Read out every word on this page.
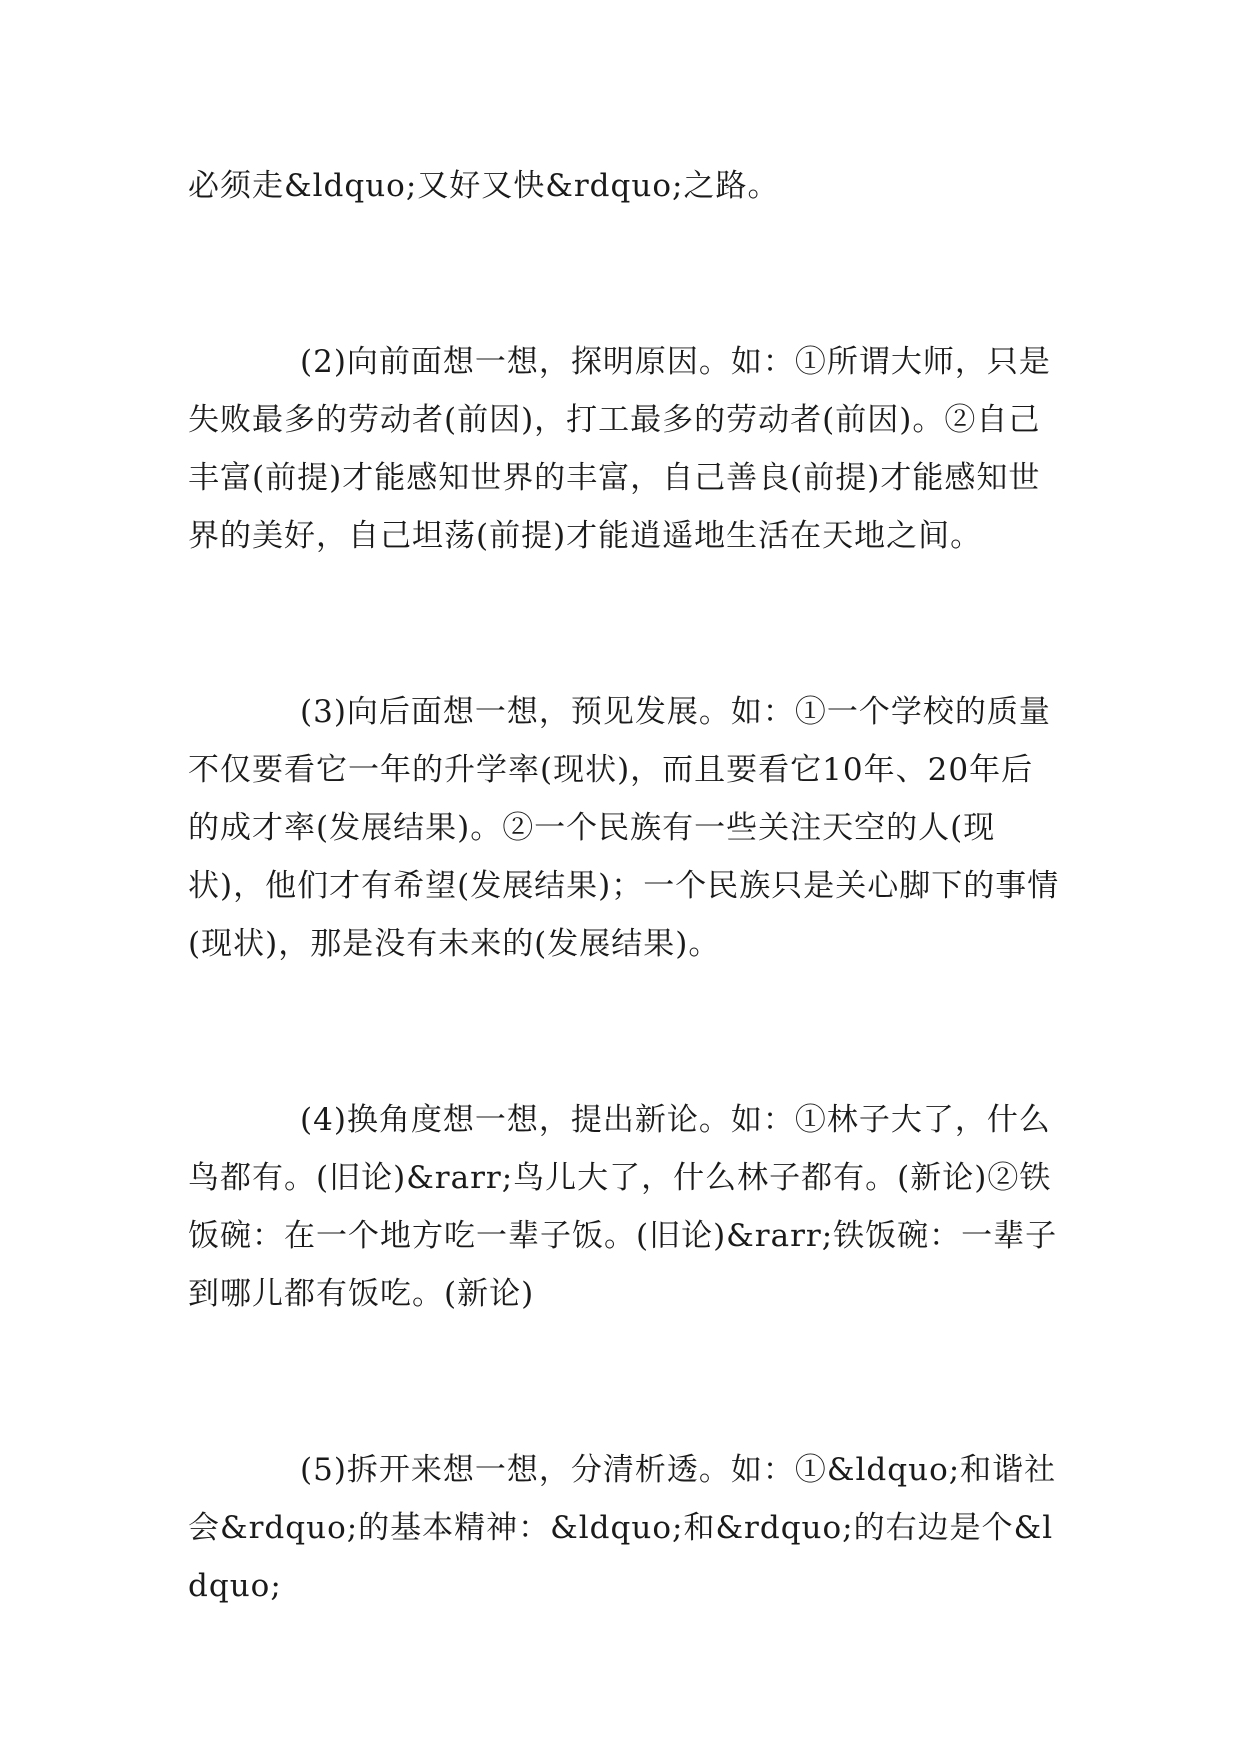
必须走&ldquo;又好又快&rdquo;之路。

(2)向前面想一想，探明原因。如：①所谓大师，只是失败最多的劳动者(前因)，打工最多的劳动者(前因)。②自己丰富(前提)才能感知世界的丰富，自己善良(前提)才能感知世界的美好，自己坦荡(前提)才能逍遥地生活在天地之间。

(3)向后面想一想，预见发展。如：①一个学校的质量不仅要看它一年的升学率(现状)，而且要看它10年、20年后的成才率(发展结果)。②一个民族有一些关注天空的人(现状)，他们才有希望(发展结果)；一个民族只是关心脚下的事情(现状)，那是没有未来的(发展结果)。

(4)换角度想一想，提出新论。如：①林子大了，什么鸟都有。(旧论)&rarr;鸟儿大了，什么林子都有。(新论)②铁饭碗：在一个地方吃一辈子饭。(旧论)&rarr;铁饭碗：一辈子到哪儿都有饭吃。(新论)

(5)拆开来想一想，分清析透。如：①&ldquo;和谐社会&rdquo;的基本精神：&ldquo;和&rdquo;的右边是个&ldquo;
